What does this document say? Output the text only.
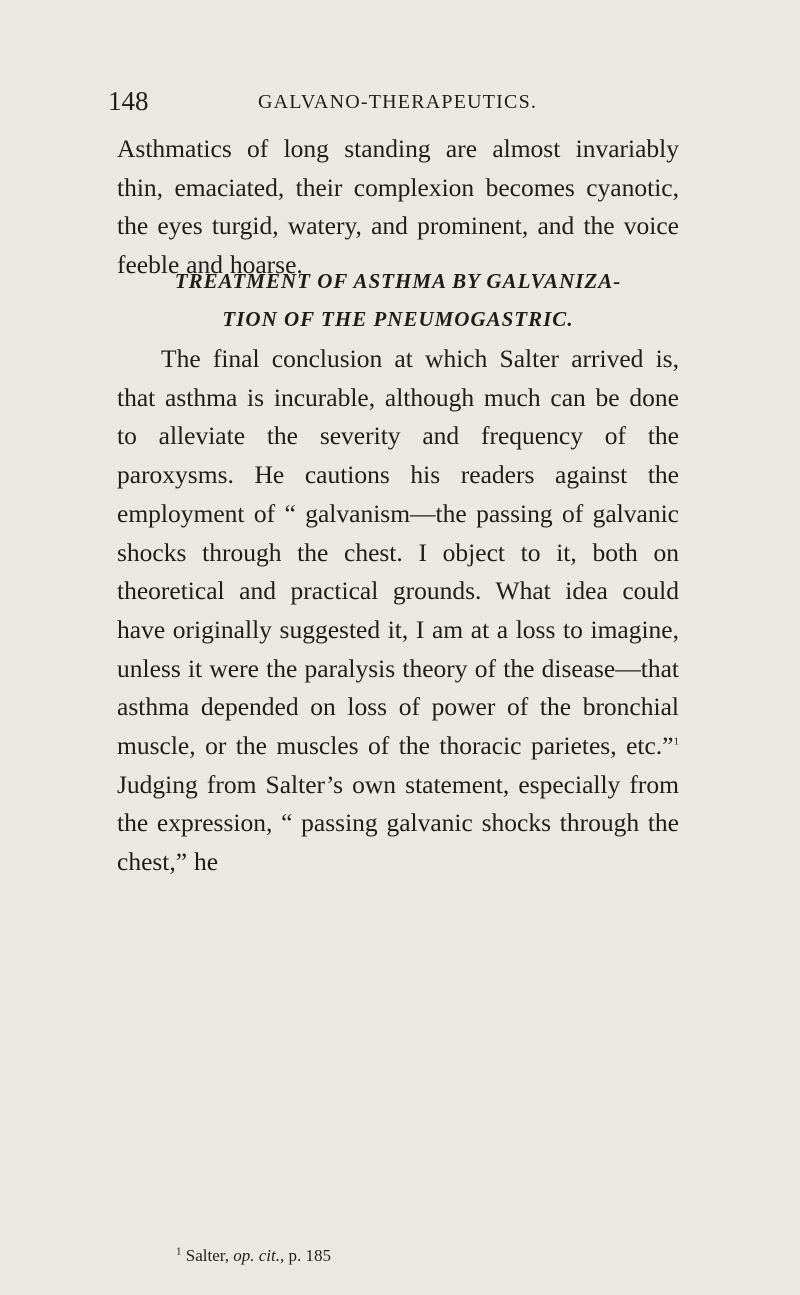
148	GALVANO-THERAPEUTICS.

Asthmatics of long standing are almost invariably thin, emaciated, their complexion becomes cyanotic, the eyes turgid, watery, and prominent, and the voice feeble and hoarse.

TREATMENT OF ASTHMA BY GALVANIZA-
TION OF THE PNEUMOGASTRIC.

The final conclusion at which Salter arrived is, that asthma is incurable, although much can be done to alleviate the severity and frequency of the paroxysms. He cautions his readers against the employment of “ galvanism—the passing of galvanic shocks through the chest. I object to it, both on theoretical and practical grounds. What idea could have originally suggested it, I am at a loss to imagine, unless it were the paralysis theory of the disease—that asthma depended on loss of power of the bronchial muscle, or the muscles of the thoracic parietes, etc.”$^1$ Judging from Salter’s own statement, especially from the expression, “ passing galvanic shocks through the chest,” he

$^1$ Salter, op. cit., p. 185
